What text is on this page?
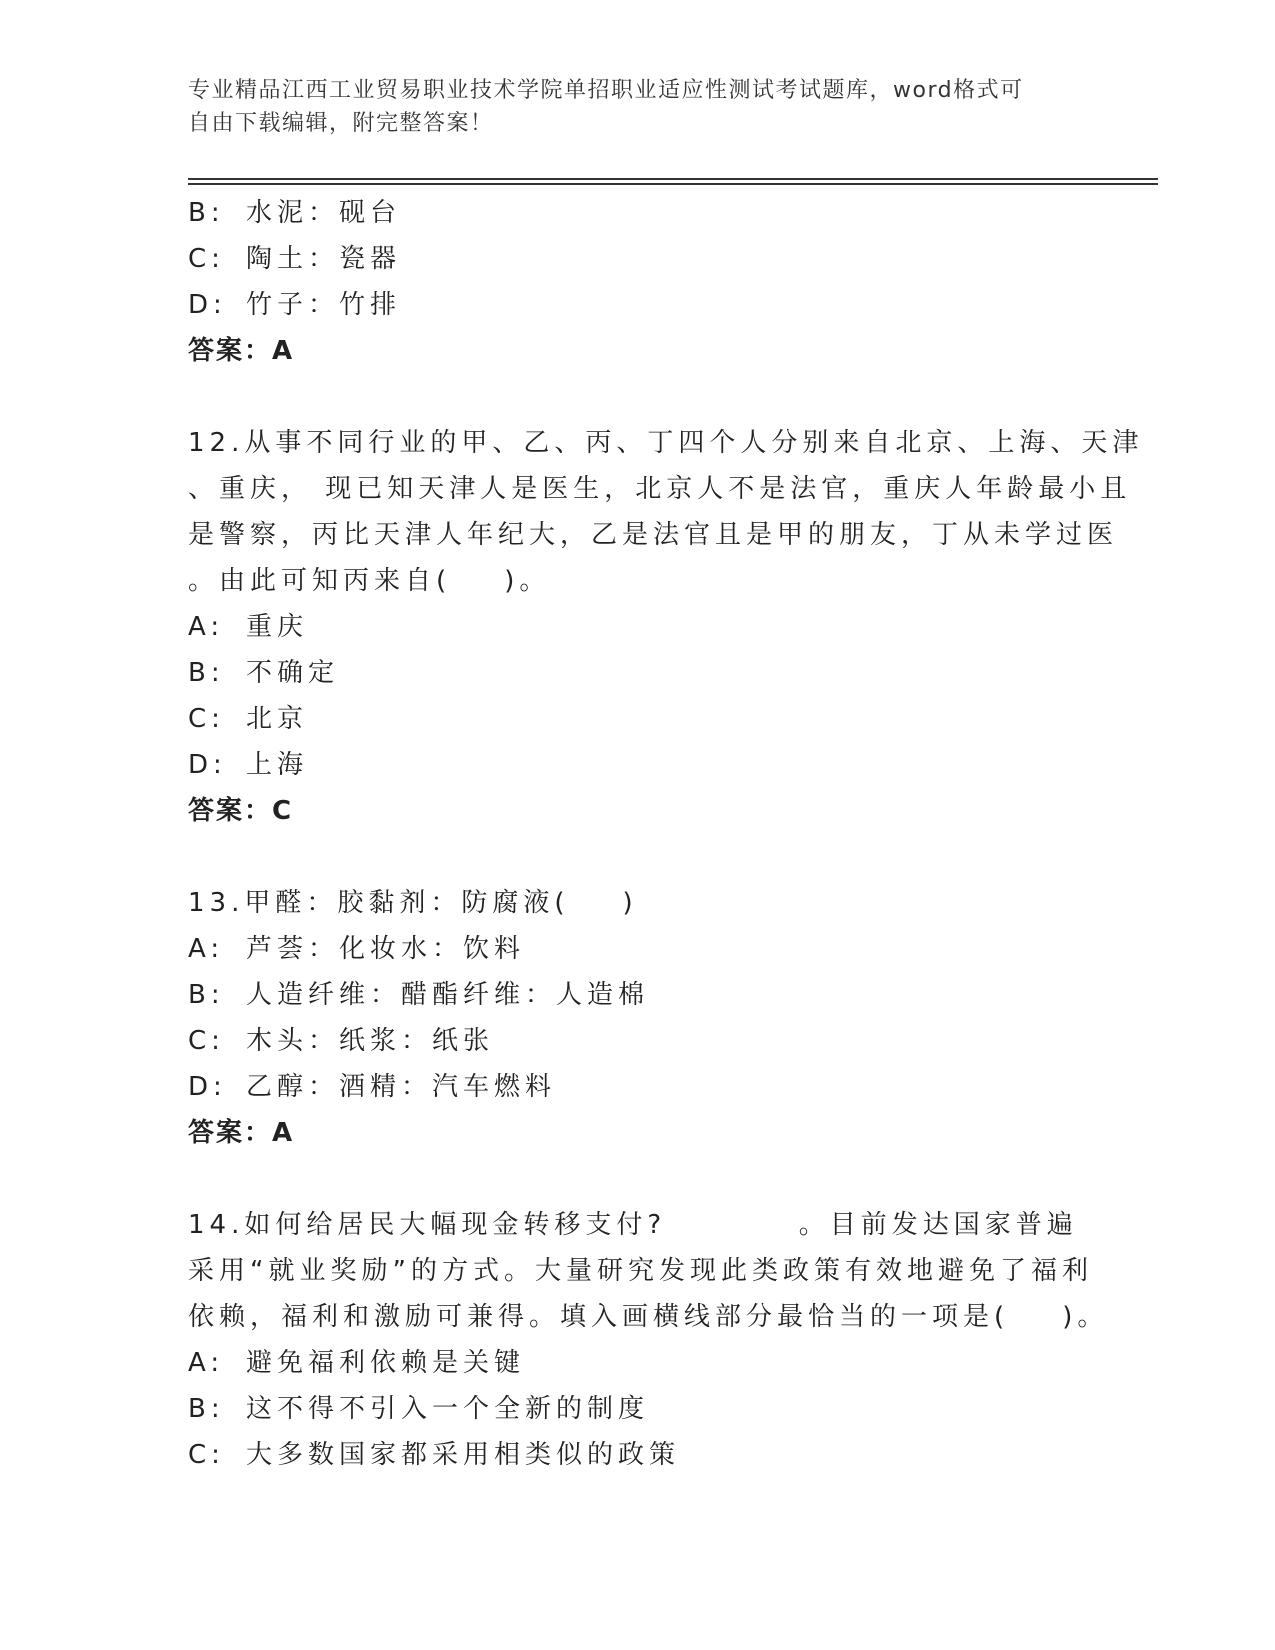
专业精品江西工业贸易职业技术学院单招职业适应性测试考试题库，word格式可
自由下载编辑，附完整答案！
B: 水泥：砚台
C: 陶土：瓷器
D: 竹子：竹排
答案：A
12.从事不同行业的甲、乙、丙、丁四个人分别来自北京、上海、天津
、重庆， 现已知天津人是医生，北京人不是法官，重庆人年龄最小且
是警察，丙比天津人年纪大，乙是法官且是甲的朋友，丁从未学过医
。由此可知丙来自(    )。
A: 重庆
B: 不确定
C: 北京
D: 上海
答案：C
13.甲醛：胶黏剂：防腐液(    )
A: 芦荟：化妆水：饮料
B: 人造纤维：醋酯纤维：人造棉
C: 木头：纸浆：纸张
D: 乙醇：酒精：汽车燃料
答案：A
14.如何给居民大幅现金转移支付?          。目前发达国家普遍
采用“就业奖励”的方式。大量研究发现此类政策有效地避免了福利
依赖，福利和激励可兼得。填入画横线部分最恰当的一项是(    )。
A: 避免福利依赖是关键
B: 这不得不引入一个全新的制度
C: 大多数国家都采用相类似的政策
